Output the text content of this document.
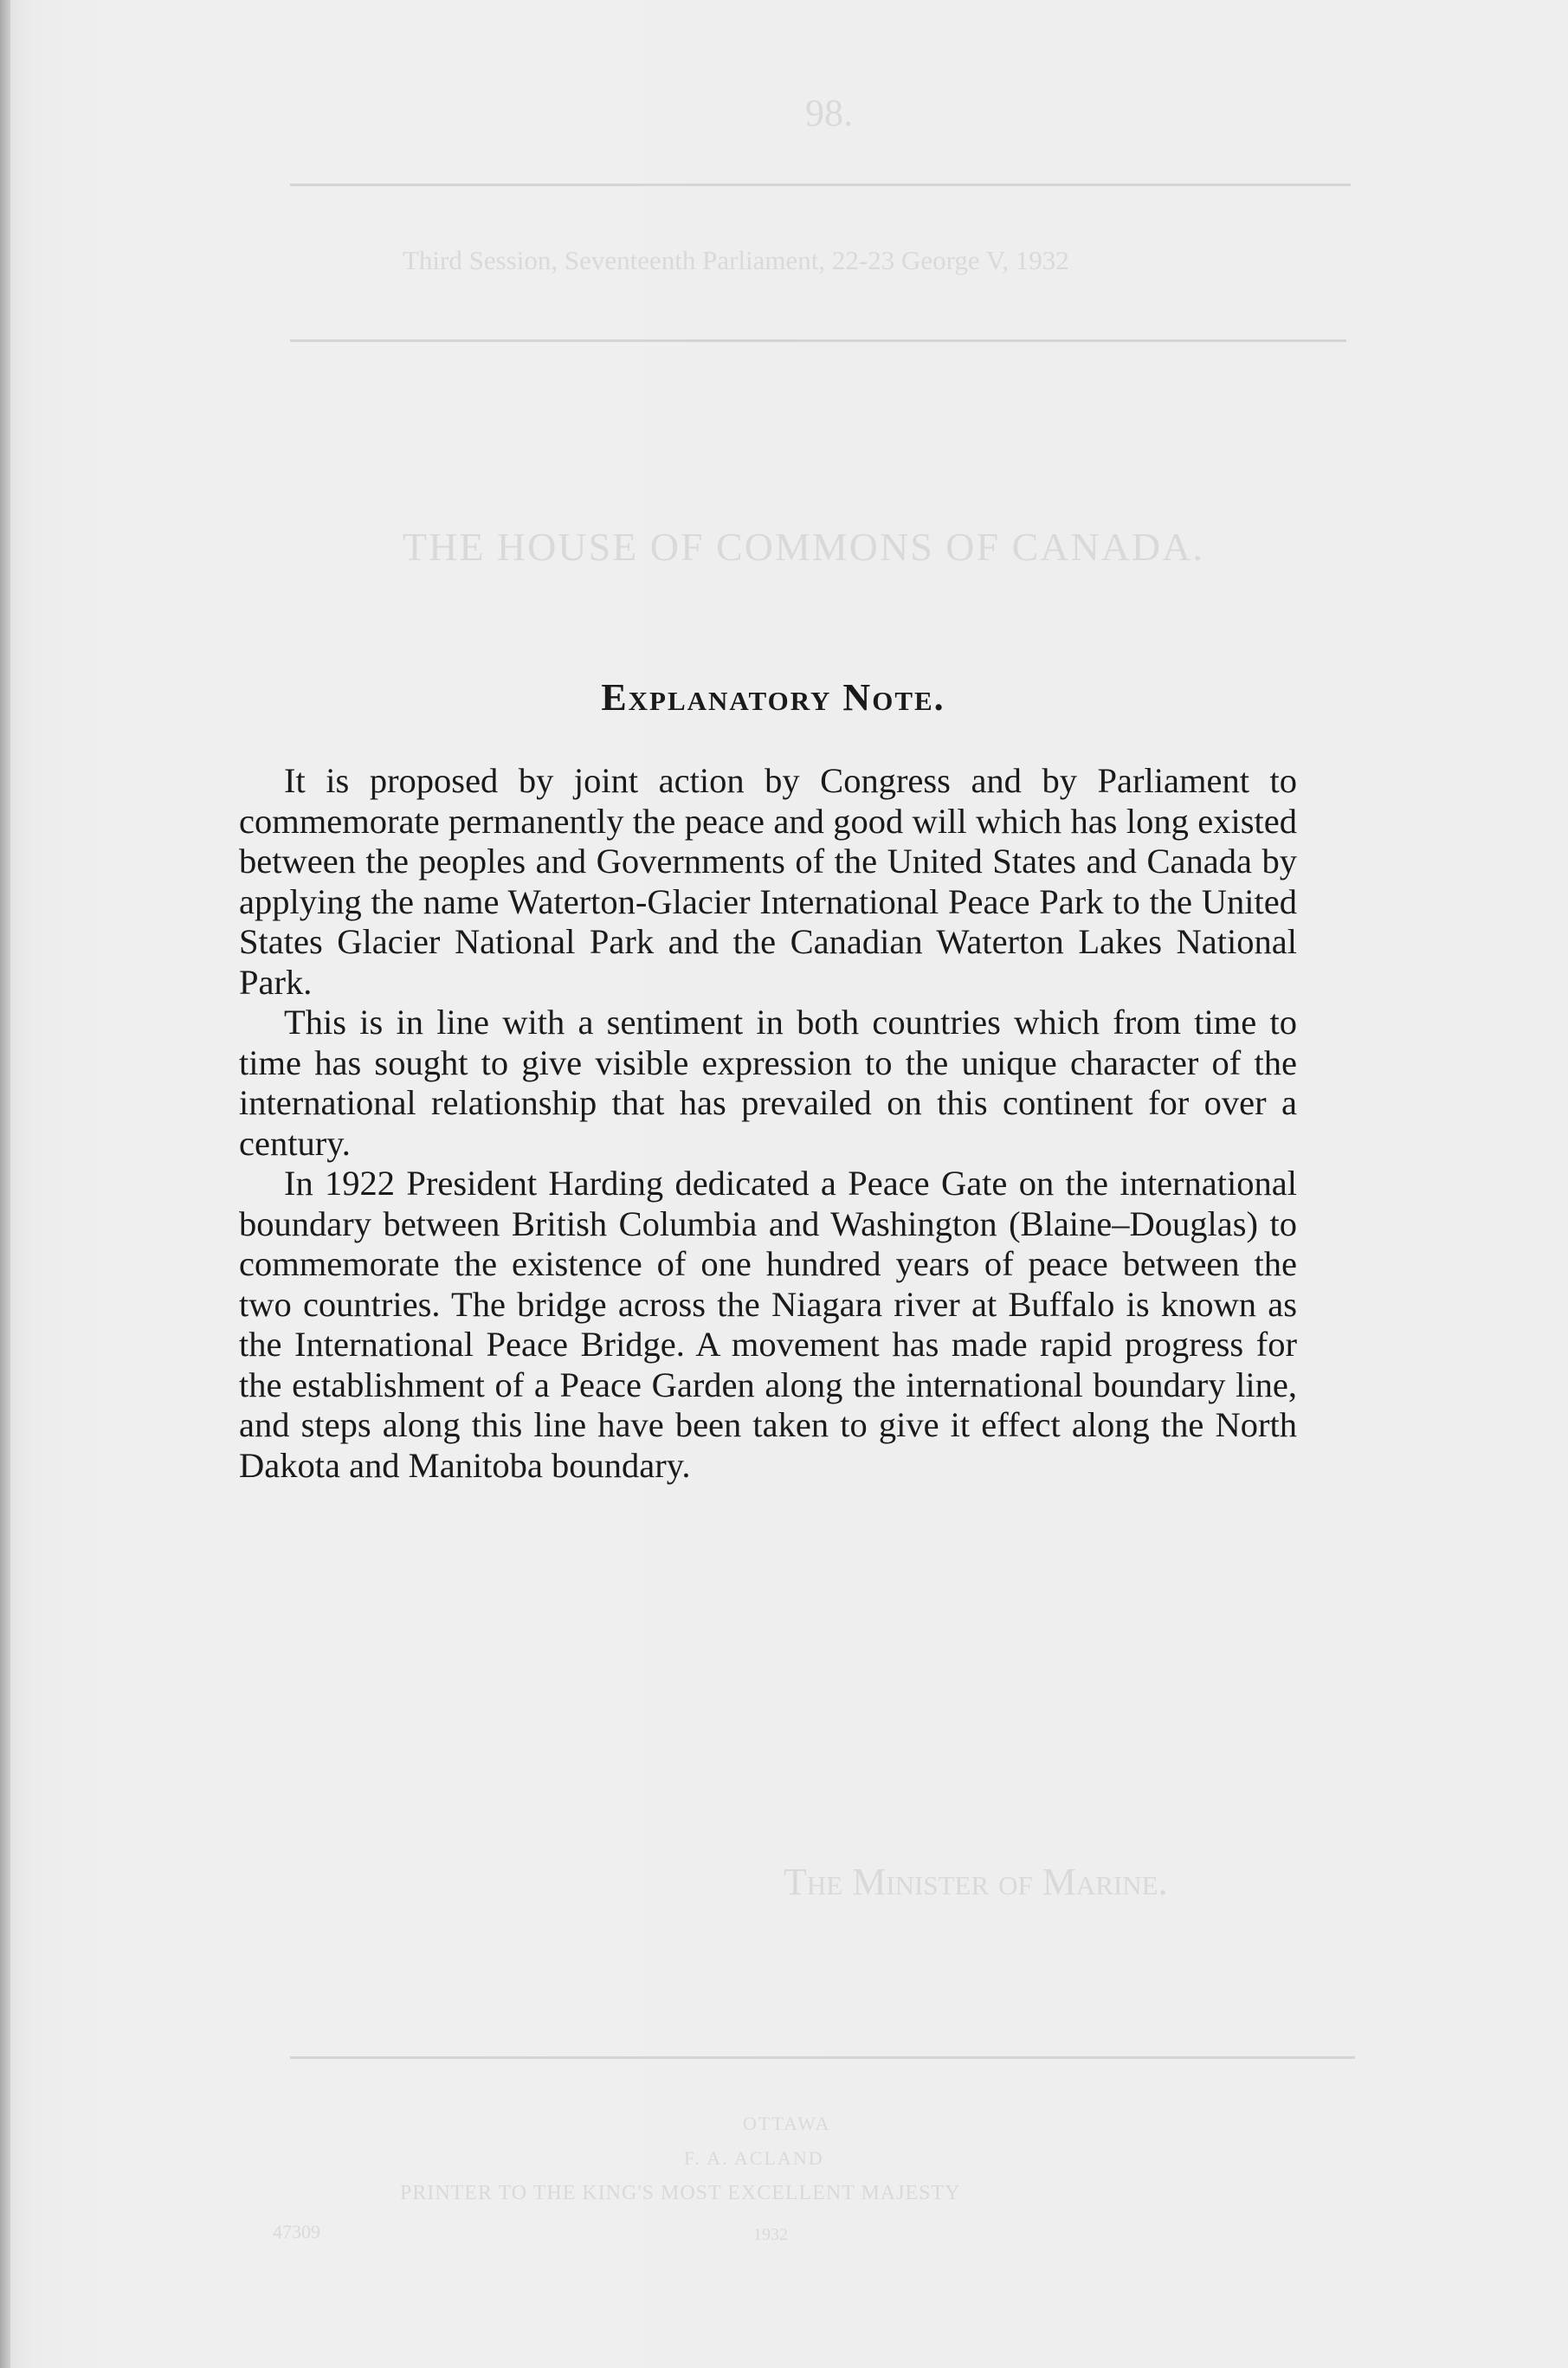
98.
Third Session, Seventeenth Parliament, 22-23 George V, 1932
THE HOUSE OF COMMONS OF CANADA.
The Minister of Marine.
OTTAWA
F. A. ACLAND
PRINTER TO THE KING'S MOST EXCELLENT MAJESTY
47309	1932
Explanatory Note.

It is proposed by joint action by Congress and by Parliament to commemorate permanently the peace and good will which has long existed between the peoples and Governments of the United States and Canada by applying the name Waterton-Glacier International Peace Park to the United States Glacier National Park and the Canadian Waterton Lakes National Park.

This is in line with a sentiment in both countries which from time to time has sought to give visible expression to the unique character of the international relationship that has prevailed on this continent for over a century.

In 1922 President Harding dedicated a Peace Gate on the international boundary between British Columbia and Washington (Blaine–Douglas) to commemorate the existence of one hundred years of peace between the two countries. The bridge across the Niagara river at Buffalo is known as the International Peace Bridge. A movement has made rapid progress for the establishment of a Peace Garden along the international boundary line, and steps along this line have been taken to give it effect along the North Dakota and Manitoba boundary.
